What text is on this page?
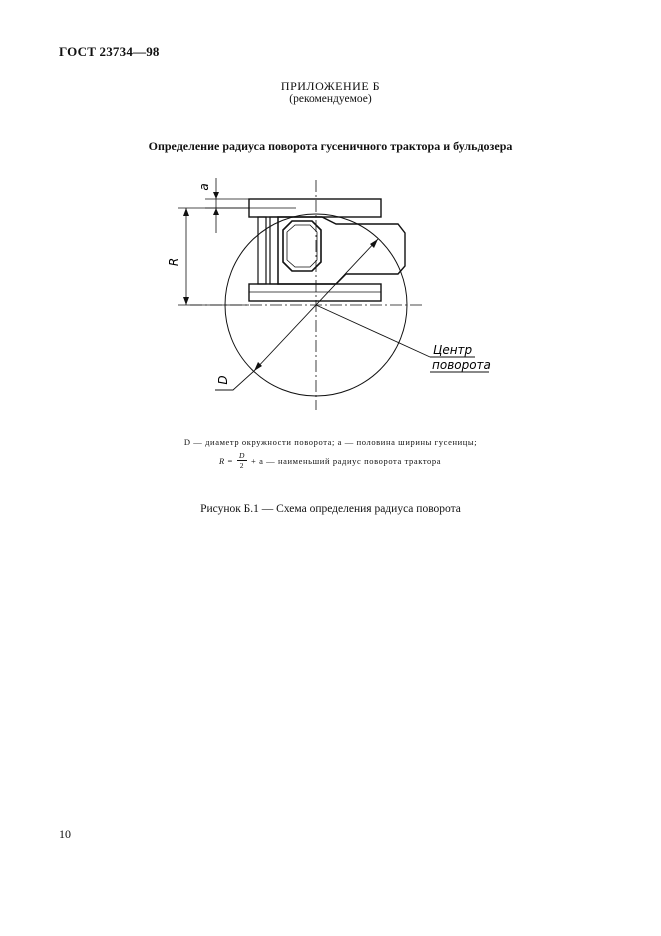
ГОСТ 23734—98
ПРИЛОЖЕНИЕ Б
(рекомендуемое)
Определение радиуса поворота гусеничного трактора и бульдозера
a
R
D
Центр
поворота
D — диаметр окружности поворота; a — половина ширины гусеницы;
R
= $\frac{D}{2} + a$ — наименьший радиус поворота трактора
Рисунок Б.1 — Схема определения радиуса поворота
10
